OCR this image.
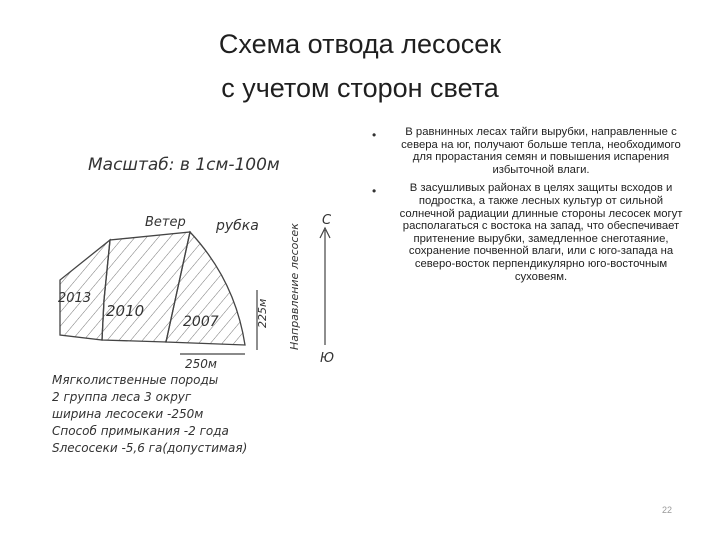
Схема отвода лесосек
с учетом сторон света
Масштаб: в 1см-100м
Ветер рубка	Направление лесосек
2013
2010
2007	225м
250м
С
Ю
Мягколиственные породы
2 группа леса 3 округ
ширина лесосеки -250м
Способ примыкания -2 года
Sлесосеки -5,6 га(допустимая)
•	В равнинных лесах тайги вырубки, направленные с севера на юг, получают больше тепла, необходимого для прорастания семян и повышения испарения избыточной влаги.
•	В засушливых районах в целях защиты всходов и подростка, а также лесных культур от сильной солнечной радиации длинные стороны лесосек могут располагаться с востока на запад, что обеспечивает притенение вырубки, замедленное снеготаяние, сохранение почвенной влаги, или с юго-запада на северо-восток перпендикулярно юго-восточным суховеям.
22
